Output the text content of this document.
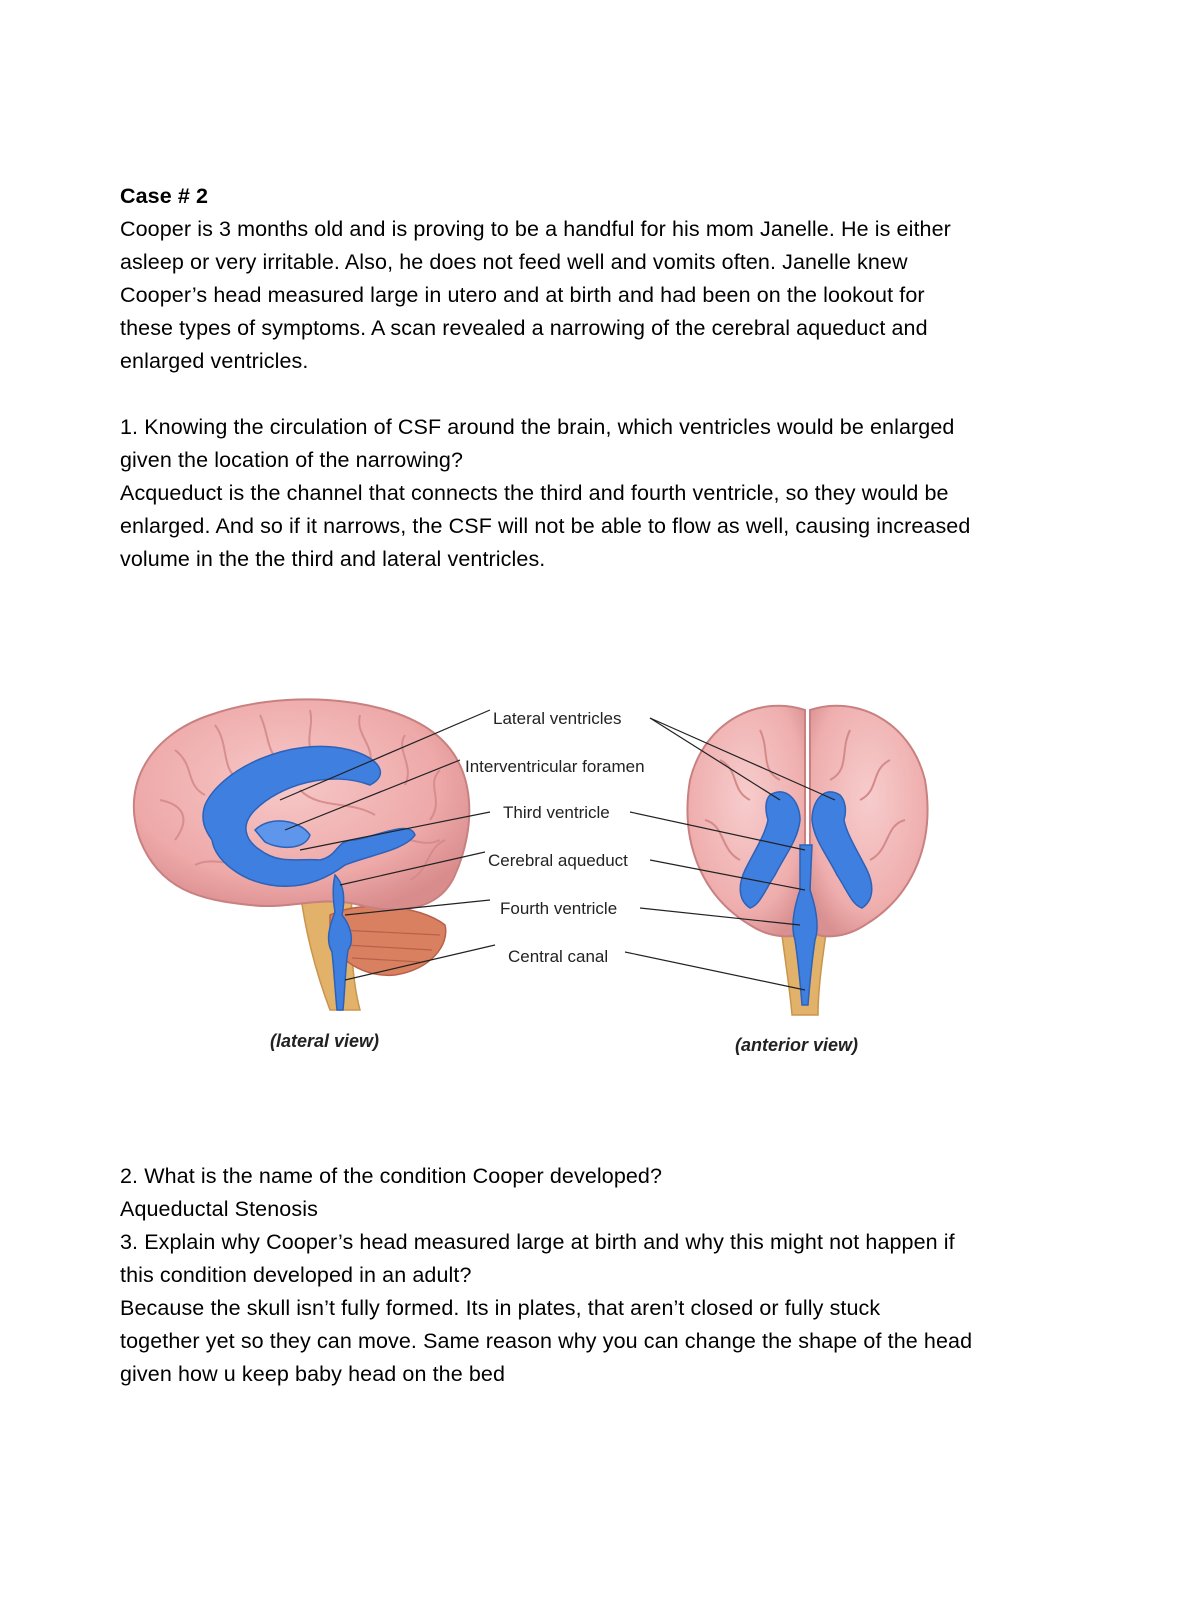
Case # 2
Cooper is 3 months old and is proving to be a handful for his mom Janelle. He is either
asleep or very irritable. Also, he does not feed well and vomits often. Janelle knew
Cooper’s head measured large in utero and at birth and had been on the lookout for
these types of symptoms. A scan revealed a narrowing of the cerebral aqueduct and
enlarged ventricles.
1. Knowing the circulation of CSF around the brain, which ventricles would be enlarged
given the location of the narrowing?
Acqueduct is the channel that connects the third and fourth ventricle, so they would be
enlarged. And so if it narrows, the CSF will not be able to flow as well, causing increased
volume in the the third and lateral ventricles.
Lateral ventricles
Interventricular foramen
Third ventricle
Cerebral aqueduct
Fourth ventricle
Central canal
(lateral view)	(anterior view)
2. What is the name of the condition Cooper developed?
Aqueductal Stenosis
3. Explain why Cooper’s head measured large at birth and why this might not happen if
this condition developed in an adult?
Because the skull isn’t fully formed. Its in plates, that aren’t closed or fully stuck
together yet so they can move. Same reason why you can change the shape of the head
given how u keep baby head on the bed
